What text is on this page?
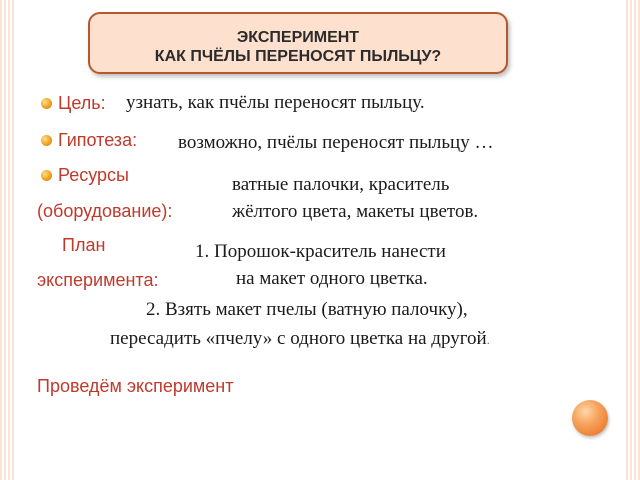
ЭКСПЕРИМЕНТ
КАК ПЧЁЛЫ ПЕРЕНОСЯТ ПЫЛЬЦУ?
Цель: узнать, как пчёлы переносят пыльцу.
Гипотеза: возможно, пчёлы переносят пыльцу …
Ресурсы
(оборудование):
ватные палочки, краситель
жёлтого цвета, макеты цветов.
План
эксперимента:
1. Порошок-краситель нанести
на макет одного цветка.
2. Взять макет пчелы (ватную палочку),
пересадить «пчелу» с одного цветка на другой.
Проведём эксперимент
